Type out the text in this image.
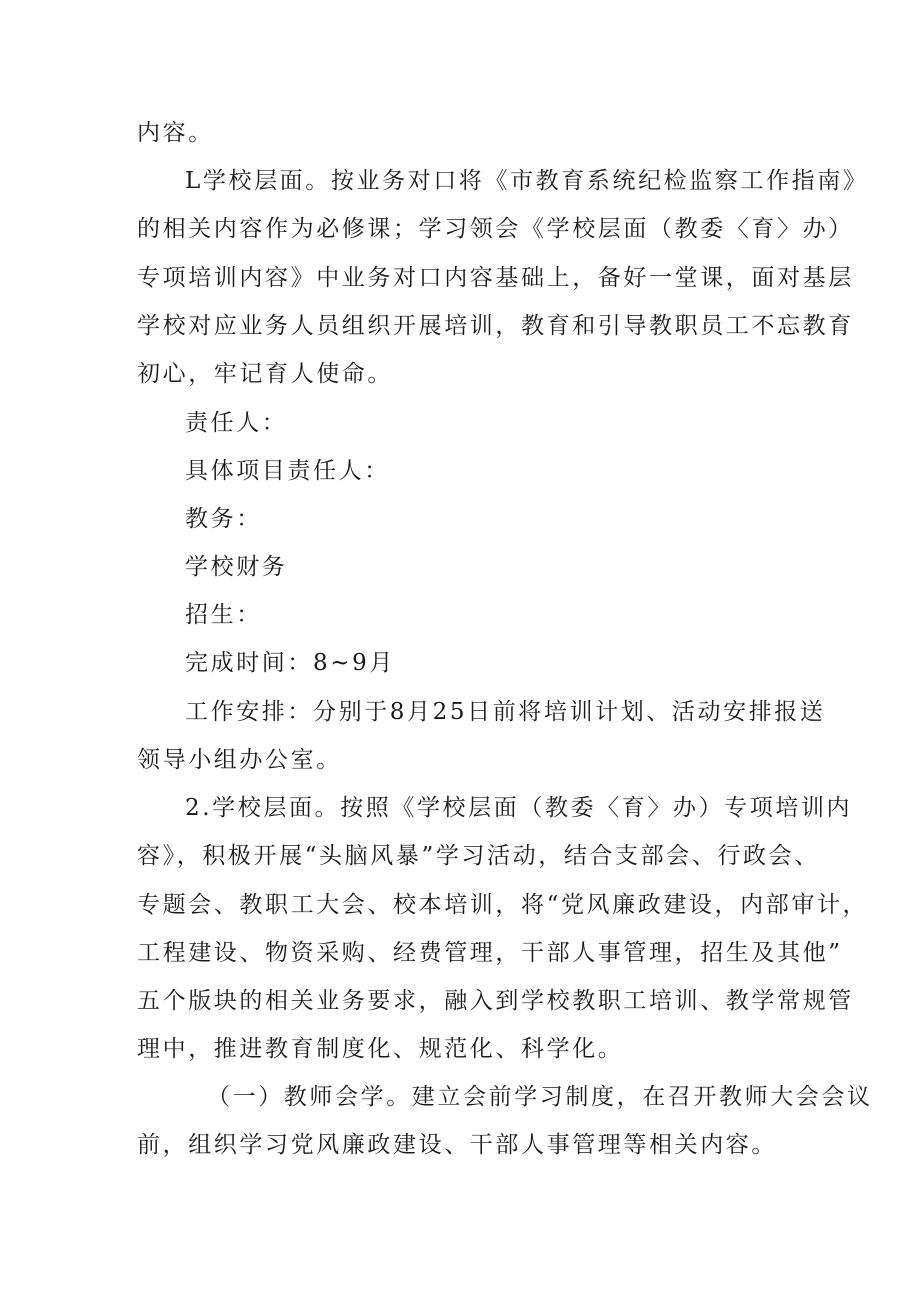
内容。
L学校层面。按业务对口将《市教育系统纪检监察工作指南》
的相关内容作为必修课；学习领会《学校层面（教委〈育〉办）
专项培训内容》中业务对口内容基础上，备好一堂课，面对基层
学校对应业务人员组织开展培训，教育和引导教职员工不忘教育
初心，牢记育人使命。
责任人：
具体项目责任人：
教务：
学校财务
招生：
完成时间：8~9月
工作安排：分别于8月25日前将培训计划、活动安排报送
领导小组办公室。
2.学校层面。按照《学校层面（教委〈育〉办）专项培训内
容》，积极开展“头脑风暴”学习活动，结合支部会、行政会、
专题会、教职工大会、校本培训，将“党风廉政建设，内部审计，
工程建设、物资采购、经费管理，干部人事管理，招生及其他”
五个版块的相关业务要求，融入到学校教职工培训、教学常规管
理中，推进教育制度化、规范化、科学化。
（一）教师会学。建立会前学习制度，在召开教师大会会议
前，组织学习党风廉政建设、干部人事管理等相关内容。
